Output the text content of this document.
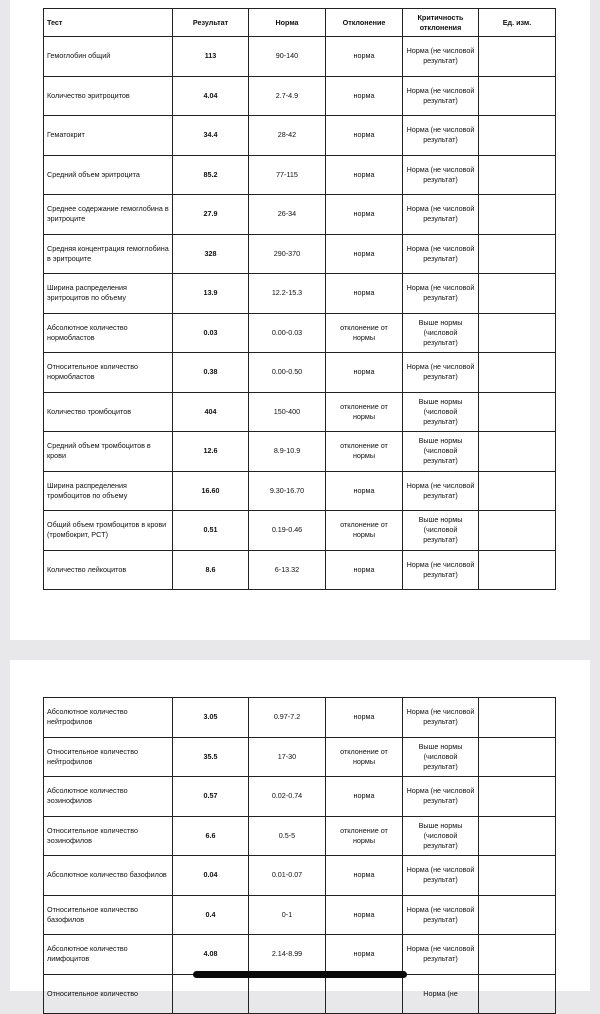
Тест	Результат	Норма	Отклонение	Критичность отклонения	Ед. изм.
Гемоглобин общий	113	90-140	норма	Норма (не числовой результат)	
Количество эритроцитов	4.04	2.7-4.9	норма	Норма (не числовой результат)	
Гематокрит	34.4	28-42	норма	Норма (не числовой результат)	
Средний объем эритроцита	85.2	77-115	норма	Норма (не числовой результат)	
Среднее содержание гемоглобина в эритроците	27.9	26-34	норма	Норма (не числовой результат)	
Средняя концентрация гемоглобина в эритроците	328	290-370	норма	Норма (не числовой результат)	
Ширина распределения эритроцитов по объему	13.9	12.2-15.3	норма	Норма (не числовой результат)	
Абсолютное количество нормобластов	0.03	0.00-0.03	отклонение от нормы	Выше нормы (числовой результат)	
Относительное количество нормобластов	0.38	0.00-0.50	норма	Норма (не числовой результат)	
Количество тромбоцитов	404	150-400	отклонение от нормы	Выше нормы (числовой результат)	
Средний объем тромбоцитов в крови	12.6	8.9-10.9	отклонение от нормы	Выше нормы (числовой результат)	
Ширина распределения тромбоцитов по объему	16.60	9.30-16.70	норма	Норма (не числовой результат)	
Общий объем тромбоцитов в крови (тромбокрит, PCT)	0.51	0.19-0.46	отклонение от нормы	Выше нормы (числовой результат)	
Количество лейкоцитов	8.6	6-13.32	норма	Норма (не числовой результат)	
Абсолютное количество нейтрофилов	3.05	0.97-7.2	норма	Норма (не числовой результат)	
Относительное количество нейтрофилов	35.5	17-30	отклонение от нормы	Выше нормы (числовой результат)	
Абсолютное количество эозинофилов	0.57	0.02-0.74	норма	Норма (не числовой результат)	
Относительное количество эозинофилов	6.6	0.5-5	отклонение от нормы	Выше нормы (числовой результат)	
Абсолютное количество базофилов	0.04	0.01-0.07	норма	Норма (не числовой результат)	
Относительное количество базофилов	0.4	0-1	норма	Норма (не числовой результат)	
Абсолютное количество лимфоцитов	4.08	2.14-8.99	норма	Норма (не числовой результат)	
Относительное количество				Норма (не	
